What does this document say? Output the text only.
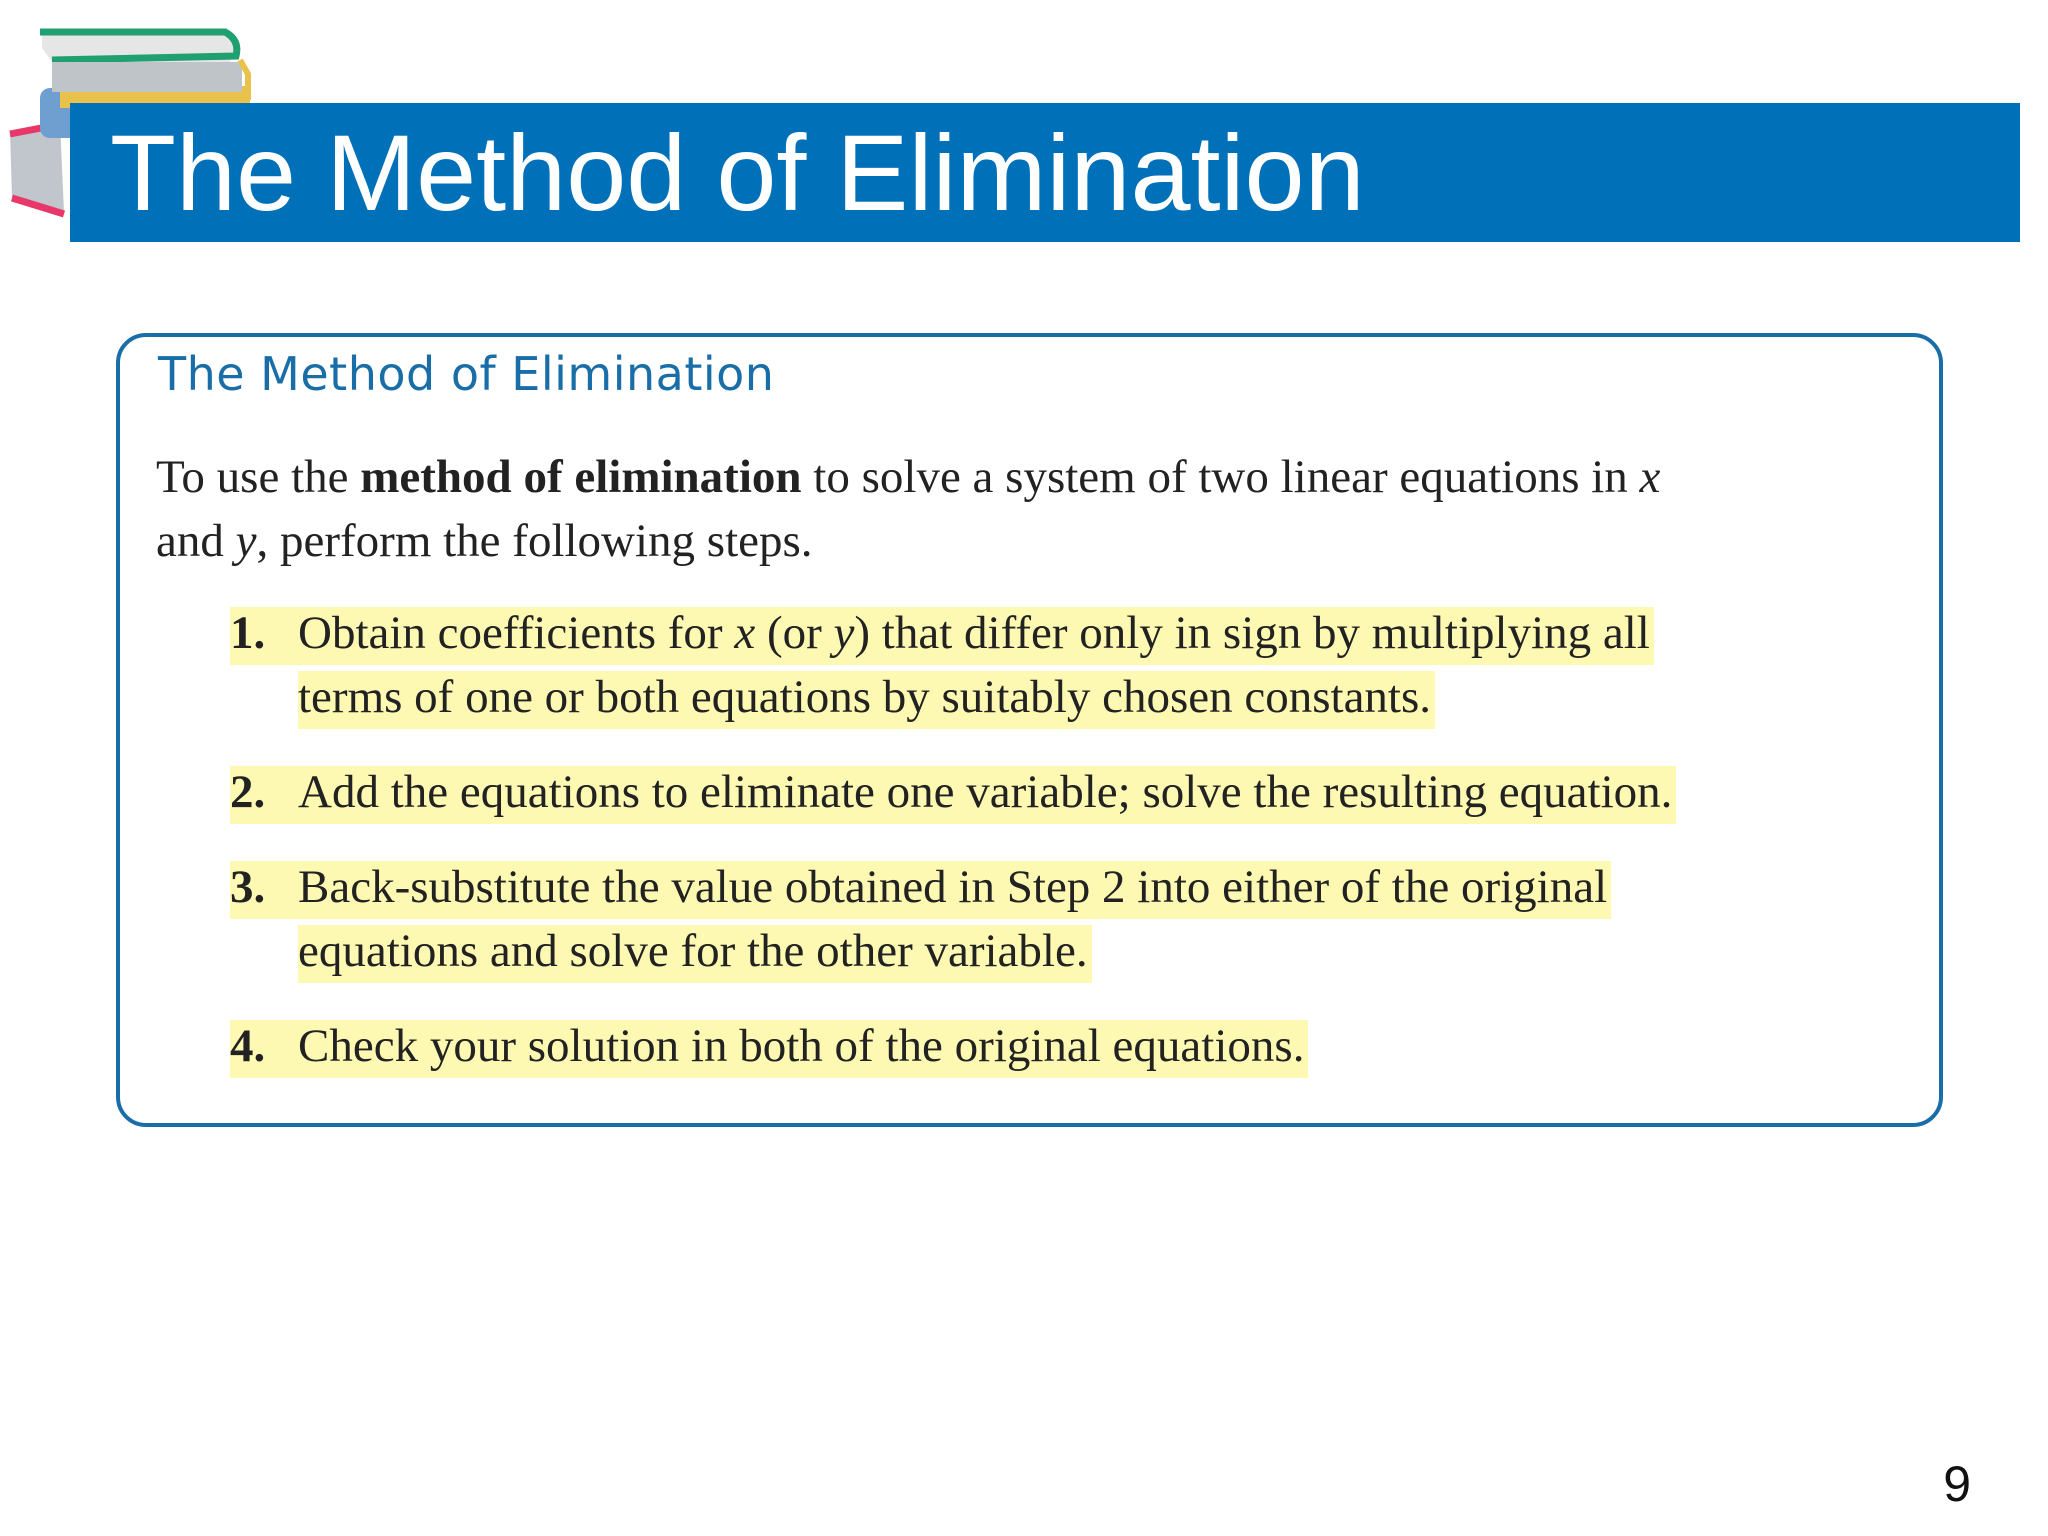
The Method of Elimination
The Method of Elimination
To use the method of elimination to solve a system of two linear equations in x
and y, perform the following steps.
1. Obtain coefficients for x (or y) that differ only in sign by multiplying all
terms of one or both equations by suitably chosen constants.
2. Add the equations to eliminate one variable; solve the resulting equation.
3. Back-substitute the value obtained in Step 2 into either of the original
equations and solve for the other variable.
4. Check your solution in both of the original equations.
9
